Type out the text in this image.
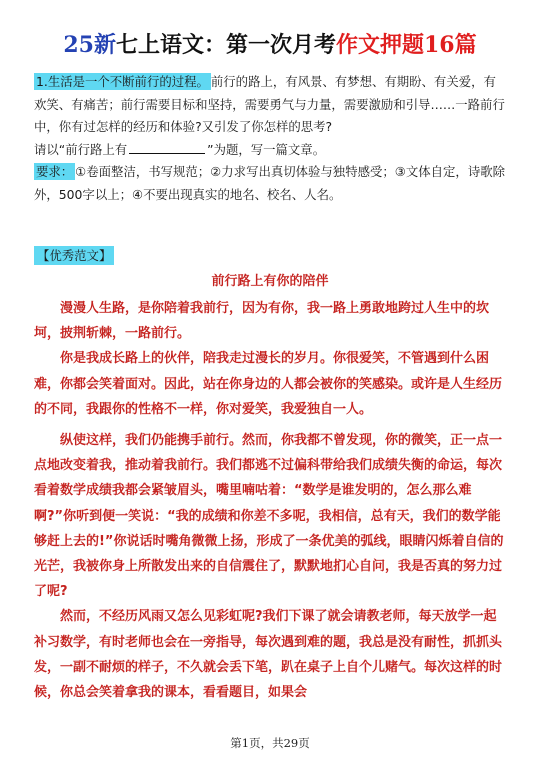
25新七上语文：第一次月考作文押题16篇
1.生活是一个不断前行的过程。 前行的路上，有风景、有梦想、有期盼、有关爱，有欢笑、有痛苦；前行需要目标和坚持，需要勇气与力量，需要激励和引导……一路前行中，你有过怎样的经历和体验?又引发了你怎样的思考?
请以“前行路上有	”为题，写一篇文章。
要求： ①卷面整洁，书写规范；②力求写出真切体验与独特感受；③文体自定，诗歌除外，500字以上；④不要出现真实的地名、校名、人名。
【优秀范文】
前行路上有你的陪伴

漫漫人生路，是你陪着我前行，因为有你，我一路上勇敢地跨过人生中的坎坷，披荆斩棘，一路前行。

你是我成长路上的伙伴，陪我走过漫长的岁月。你很爱笑，不管遇到什么困难，你都会笑着面对。因此，站在你身边的人都会被你的笑感染。或许是人生经历的不同，我跟你的性格不一样，你对爱笑，我爱独自一人。

纵使这样，我们仍能携手前行。然而，你我都不曾发现，你的微笑，正一点一点地改变着我，推动着我前行。我们都逃不过偏科带给我们成绩失衡的命运，每次看着数学成绩我都会紧皱眉头，嘴里喃咕着：“数学是谁发明的，怎么那么难啊?”你听到便一笑说：“我的成绩和你差不多呢，我相信，总有天，我们的数学能够赶上去的!”你说话时嘴角微微上扬，形成了一条优美的弧线，眼睛闪烁着自信的光芒，我被你身上所散发出来的自信震住了，默默地扪心自问，我是否真的努力过了呢?

然而，不经历风雨又怎么见彩虹呢?我们下课了就会请教老师，每天放学一起补习数学，有时老师也会在一旁指导，每次遇到难的题，我总是没有耐性，抓抓头发，一副不耐烦的样子，不久就会丢下笔，趴在桌子上自个儿赌气。每次这样的时候，你总会笑着拿我的课本，看看题目，如果会

第1页，共29页
